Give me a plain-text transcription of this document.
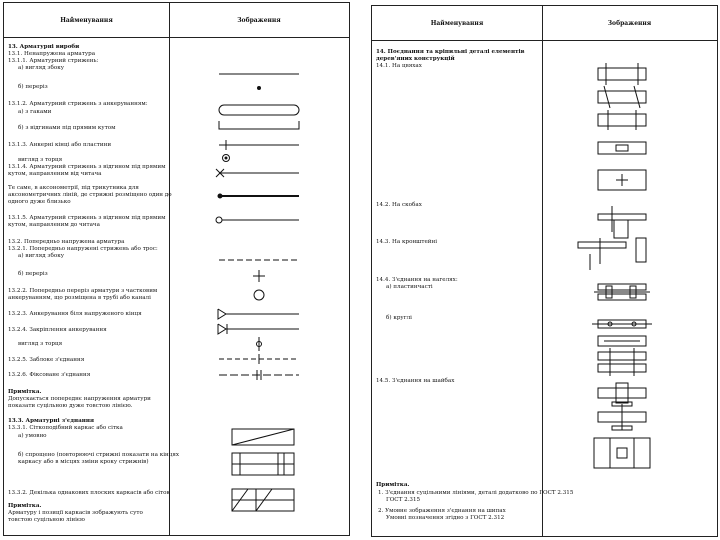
Найменування	Зображення
13. Арматурні вироби
13.1. Ненапружена арматура
13.1.1. Арматурний стрижень:
а) вигляд збоку
б) переріз
13.1.2. Арматурний стрижень з анкеруванням:
а) з гаками
б) з відгинами під прямим кутом
13.1.3. Анкерні кінці або пластини
вигляд з торця
13.1.4. Арматурний стрижень з відгином під прямим
кутом, направленим від читача
Те саме, в аксонометрії, під трикутника для
аксонометричних ліній, де стрижні розміщено один до
одного дуже близько
13.1.5. Арматурний стрижень з відгином під прямим
кутом, направленим до читача
13.2. Попередньо напружена арматура
13.2.1. Попередньо напружені стрижень або трос:
а) вигляд збоку
б) переріз
13.2.2. Попередньо переріз арматури з частковим
анкеруванням, що розміщена в трубі або каналі
13.2.3. Анкерування біля напруженого кінця
13.2.4. Закріплення анкерування
вигляд з торця
13.2.5. Заблоке з'єднання
13.2.6. Фіксоване з'єднання
Примітка.
Допускається попереднє напруження арматури
показати суцільною дуже товстою лінією.
13.3. Арматурні з'єднання
13.3.1. Сіткоподібний каркас або сітка
а) умовно
б) спрощено (повторюючі стрижні показати на кінцях
каркасу або в місцях зміни кроку стрижнів)
13.3.2. Декілька однакових плоских каркасів або сіток
Примітка.
Арматуру і позиції каркасів зображують суто
товстою суцільною лінією
Найменування	Зображення
14. Поєднання та кріпильні деталі елементів
дерев'яних конструкцій
14.1. На цвяхах
14.2. На скобах
14.3. На кронштейні
14.4. З'єднання на нагелях:
а) пластинчасті
б) круглі
14.5. З'єднання на шайбах
Примітка.
1. З'єднання суцільними лініями, деталі додатково по ГОСТ 2.315
ГОСТ 2.315
2. Умовне зображення з'єднання на шипах
Умовні позначення згідно з ГОСТ 2.312
